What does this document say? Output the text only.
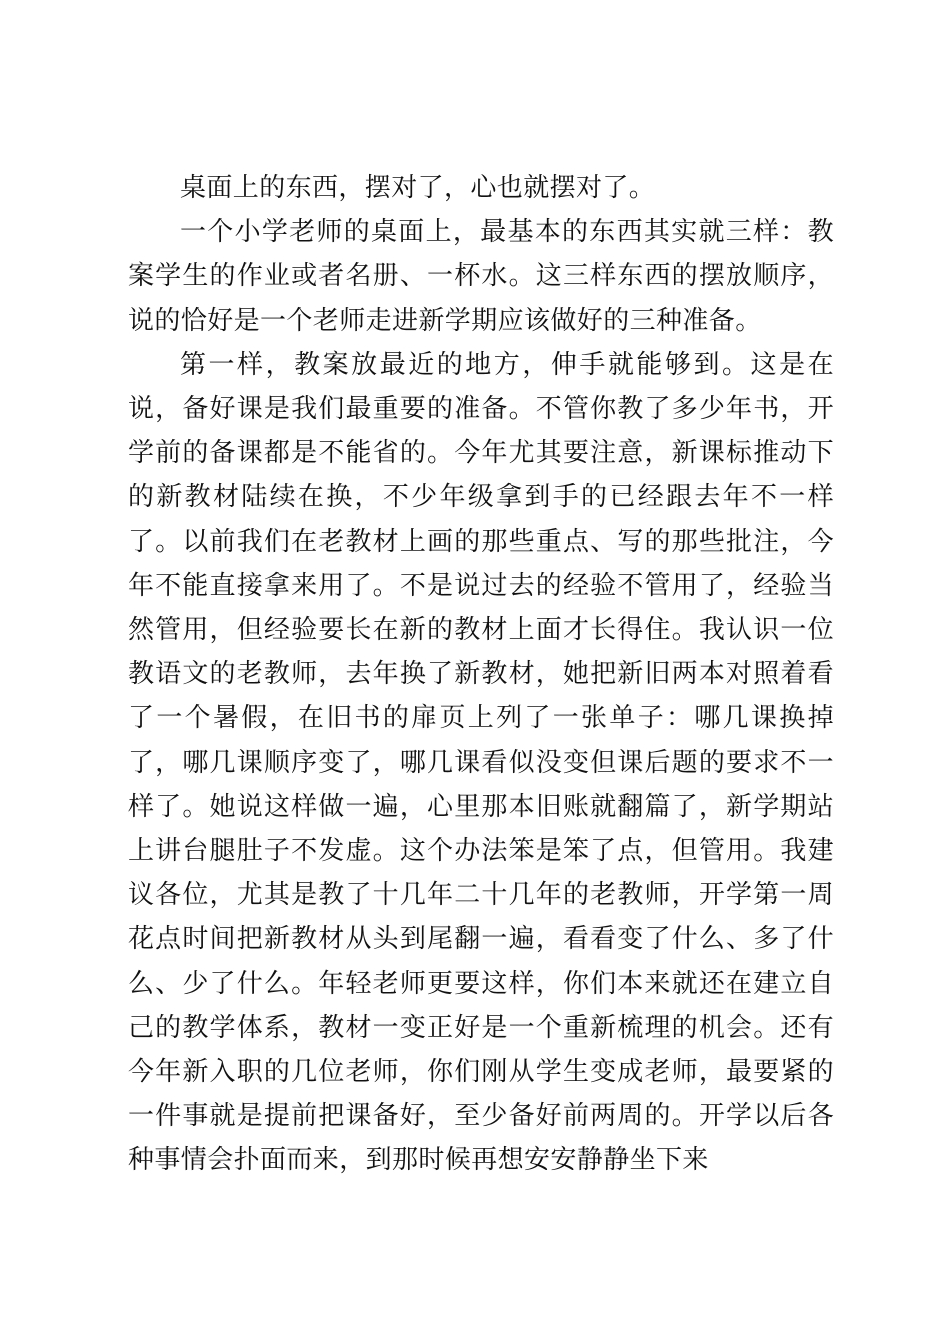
桌面上的东西，摆对了，心也就摆对了。

一个小学老师的桌面上，最基本的东西其实就三样：教案学生的作业或者名册、一杯水。这三样东西的摆放顺序，说的恰好是一个老师走进新学期应该做好的三种准备。

第一样，教案放最近的地方，伸手就能够到。这是在说，备好课是我们最重要的准备。不管你教了多少年书，开学前的备课都是不能省的。今年尤其要注意，新课标推动下的新教材陆续在换，不少年级拿到手的已经跟去年不一样了。以前我们在老教材上画的那些重点、写的那些批注，今年不能直接拿来用了。不是说过去的经验不管用了，经验当然管用，但经验要长在新的教材上面才长得住。我认识一位教语文的老教师，去年换了新教材，她把新旧两本对照着看了一个暑假，在旧书的扉页上列了一张单子：哪几课换掉了，哪几课顺序变了，哪几课看似没变但课后题的要求不一样了。她说这样做一遍，心里那本旧账就翻篇了，新学期站上讲台腿肚子不发虚。这个办法笨是笨了点，但管用。我建议各位，尤其是教了十几年二十几年的老教师，开学第一周花点时间把新教材从头到尾翻一遍，看看变了什么、多了什么、少了什么。年轻老师更要这样，你们本来就还在建立自己的教学体系，教材一变正好是一个重新梳理的机会。还有今年新入职的几位老师，你们刚从学生变成老师，最要紧的一件事就是提前把课备好，至少备好前两周的。开学以后各种事情会扑面而来，到那时候再想安安静静坐下来
